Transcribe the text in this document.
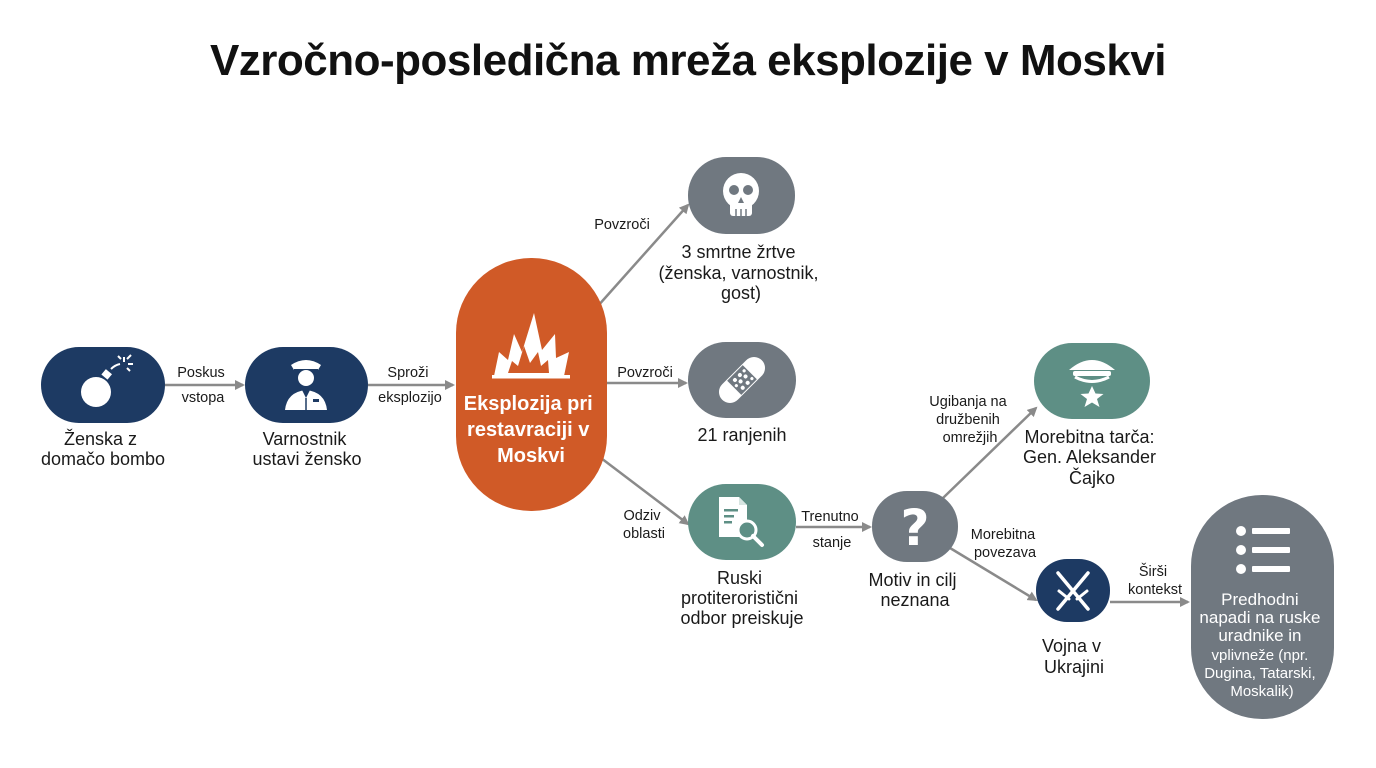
Vzročno-posledična mreža eksplozije v Moskvi
Poskus vstopa
Sproži eksplozijo
Povzroči
Povzroči
Odziv oblasti
Trenutno stanje
Ugibanja na družbenih omrežjih
Morebitna povezava
Širši kontekst
Ženska z domačo bombo
Varnostnik ustavi žensko
Eksplozija pri restavraciji v Moskvi
3 smrtne žrtve (ženska, varnostnik, gost)
21 ranjenih
Ruski protiteroristični odbor preiskuje
?
Motiv in cilj neznana
Morebitna tarča: Gen. Aleksander Čajko
Vojna v Ukrajini
Predhodni napadi na ruske uradnike in vplivneže (npr. Dugina, Tatarski, Moskalik)
